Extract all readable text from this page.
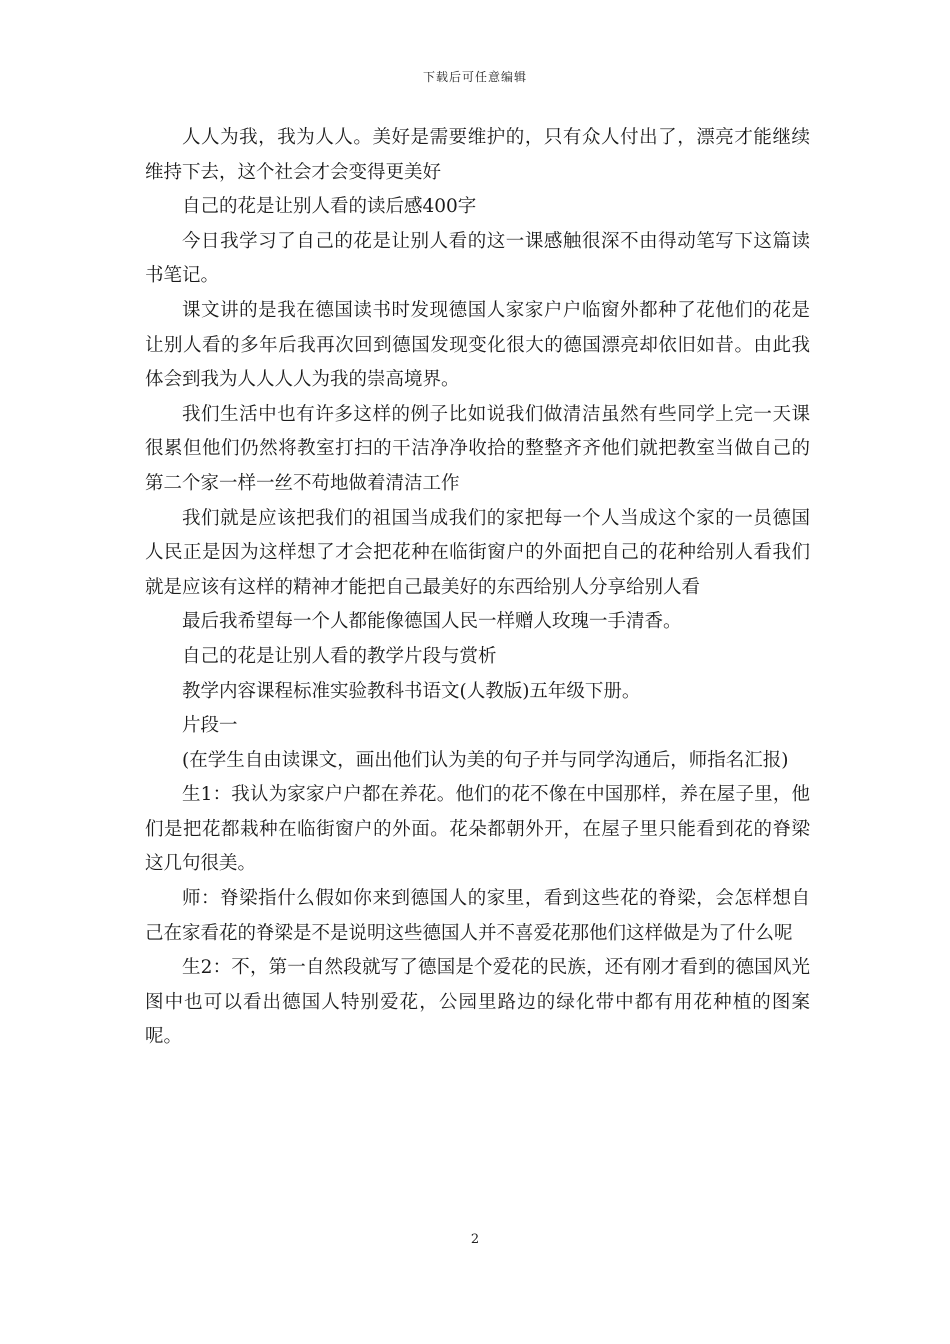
下载后可任意编辑

人人为我，我为人人。美好是需要维护的，只有众人付出了，漂亮才能继续维持下去，这个社会才会变得更美好

自己的花是让别人看的读后感400字

今日我学习了自己的花是让别人看的这一课感触很深不由得动笔写下这篇读书笔记。

课文讲的是我在德国读书时发现德国人家家户户临窗外都种了花他们的花是让别人看的多年后我再次回到德国发现变化很大的德国漂亮却依旧如昔。由此我体会到我为人人人人为我的崇高境界。

我们生活中也有许多这样的例子比如说我们做清洁虽然有些同学上完一天课很累但他们仍然将教室打扫的干洁净净收拾的整整齐齐他们就把教室当做自己的第二个家一样一丝不苟地做着清洁工作

我们就是应该把我们的祖国当成我们的家把每一个人当成这个家的一员德国人民正是因为这样想了才会把花种在临街窗户的外面把自己的花种给别人看我们就是应该有这样的精神才能把自己最美好的东西给别人分享给别人看

最后我希望每一个人都能像德国人民一样赠人玫瑰一手清香。

自己的花是让别人看的教学片段与赏析

教学内容课程标准实验教科书语文(人教版)五年级下册。

片段一

(在学生自由读课文，画出他们认为美的句子并与同学沟通后，师指名汇报)

生1：我认为家家户户都在养花。他们的花不像在中国那样，养在屋子里，他们是把花都栽种在临街窗户的外面。花朵都朝外开，在屋子里只能看到花的脊梁这几句很美。

师：脊梁指什么假如你来到德国人的家里，看到这些花的脊梁，会怎样想自己在家看花的脊梁是不是说明这些德国人并不喜爱花那他们这样做是为了什么呢

生2：不，第一自然段就写了德国是个爱花的民族，还有刚才看到的德国风光图中也可以看出德国人特别爱花，公园里路边的绿化带中都有用花种植的图案呢。

2
